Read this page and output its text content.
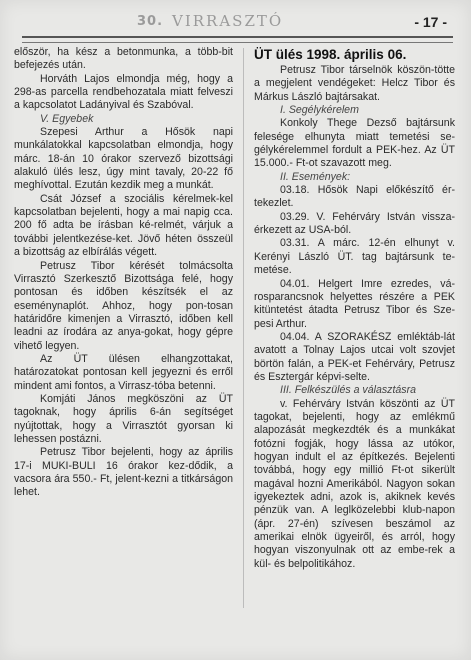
30. VIRRASZTÓ	- 17 -

először, ha kész a betonmunka, a több-bit befejezés után.

Horváth Lajos elmondja még, hogy a 298-as parcella rendbehozatala miatt felveszi a kapcsolatot Ladányival és Szabóval.

V. Egyebek

Szepesi Arthur a Hősök napi munkálatokkal kapcsolatban elmondja, hogy márc. 18-án 10 órakor szervező bizottsági alakuló ülés lesz, úgy mint tavaly, 20-22 fő meghívottal. Ezután kezdik meg a munkát.

Csát József a szociális kérelmek-kel kapcsolatban bejelenti, hogy a mai napig cca. 200 fő adta be írásban ké-relmét, várjuk a további jelentkezése-ket. Jövő héten összeül a bizottság az elbírálás végett.

Petrusz Tibor kérését tolmácsolta Virrasztó Szerkesztő Bizottsága felé, hogy pontosan és időben készítsék el az eseménynaplót. Ahhoz, hogy pon-tosan határidőre kimenjen a Virrasztó, időben kell leadni az írodára az anya-gokat, hogy gépre vihető legyen.

Az ÜT ülésen elhangzottakat, határozatokat pontosan kell jegyezni és erről mindent ami fontos, a Virrasz-tóba betenni.

Komjáti János megköszöni az ÜT tagoknak, hogy április 6-án segítséget nyújtottak, hogy a Virrasztót gyorsan ki lehessen postázni.

Petrusz Tibor bejelenti, hogy az április 17-i MUKI-BULI 16 órakor kez-dődik, a vacsora ára 550.- Ft, jelent-kezni a titkárságon lehet.

ÜT ülés 1998. április 06.

Petrusz Tibor társelnök köszön-tötte a megjelent vendégeket: Helcz Tibor és Márkus László bajtársakat.

I. Segélykérelem

Konkoly Thege Dezső bajtársunk felesége elhunyta miatt temetési se-gélykérelemmel fordult a PEK-hez. Az ÜT 15.000.- Ft-ot szavazott meg.

II. Események:

03.18. Hősök Napi előkészítő ér-tekezlet.

03.29. V. Fehérváry István vissza-érkezett az USA-ból.

03.31. A márc. 12-én elhunyt v. Kerényi László ÜT. tag bajtársunk te-metése.

04.01. Helgert Imre ezredes, vá-rosparancsnok helyettes részére a PEK kitüntetést átadta Petrusz Tibor és Sze-pesi Arthur.

04.04. A SZORAKÉSZ emléktáb-lát avatott a Tolnay Lajos utcai volt szovjet börtön falán, a PEK-et Fehérváry, Petrusz és Esztergár képvi-selte.

III. Felkészülés a választásra

v. Fehérváry István köszönti az ÜT tagokat, bejelenti, hogy az emlékmű alapozását megkezdték és a munkákat fotózni fogják, hogy lássa az utókor, hogyan indult el az építkezés. Bejelenti továbbá, hogy egy millió Ft-ot sikerült magával hozni Amerikából. Nagyon sokan igyekeztek adni, azok is, akiknek kevés pénzük van. A leglközelebbi klub-napon (ápr. 27-én) szívesen beszámol az amerikai elnök ügyeiről, és arról, hogy hogyan viszonyulnak ott az embe-rek a kül- és belpolitikához.
